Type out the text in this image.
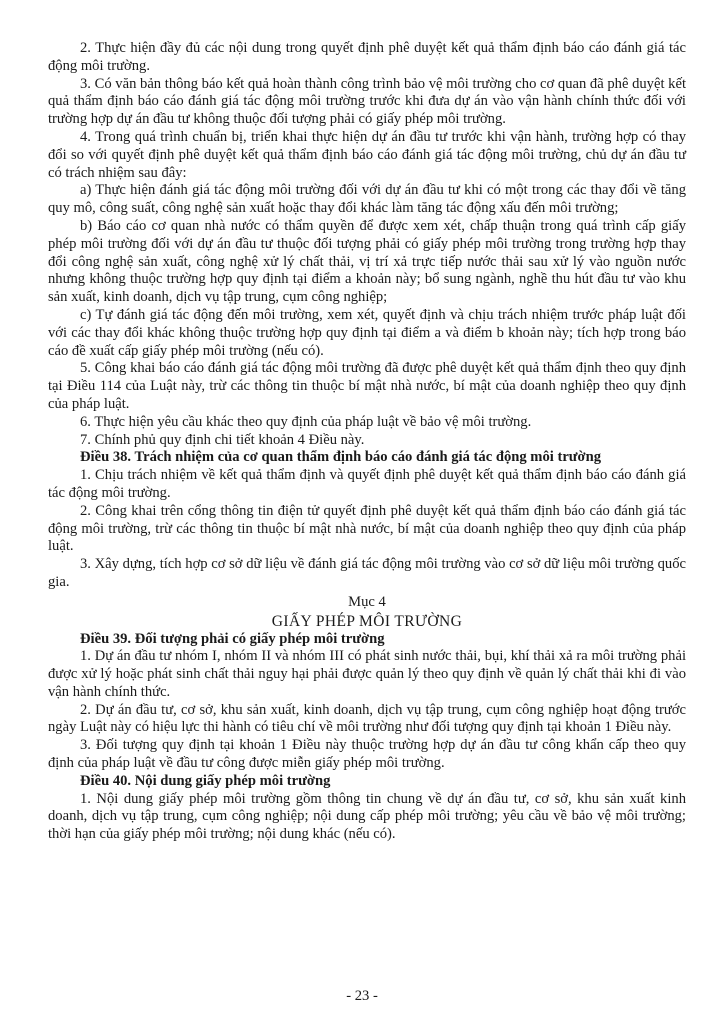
2. Thực hiện đầy đủ các nội dung trong quyết định phê duyệt kết quả thẩm định báo cáo đánh giá tác động môi trường.

3. Có văn bản thông báo kết quả hoàn thành công trình bảo vệ môi trường cho cơ quan đã phê duyệt kết quả thẩm định báo cáo đánh giá tác động môi trường trước khi đưa dự án vào vận hành chính thức đối với trường hợp dự án đầu tư không thuộc đối tượng phải có giấy phép môi trường.

4. Trong quá trình chuẩn bị, triển khai thực hiện dự án đầu tư trước khi vận hành, trường hợp có thay đổi so với quyết định phê duyệt kết quả thẩm định báo cáo đánh giá tác động môi trường, chủ dự án đầu tư có trách nhiệm sau đây:

a) Thực hiện đánh giá tác động môi trường đối với dự án đầu tư khi có một trong các thay đổi về tăng quy mô, công suất, công nghệ sản xuất hoặc thay đổi khác làm tăng tác động xấu đến môi trường;

b) Báo cáo cơ quan nhà nước có thẩm quyền để được xem xét, chấp thuận trong quá trình cấp giấy phép môi trường đối với dự án đầu tư thuộc đối tượng phải có giấy phép môi trường trong trường hợp thay đổi công nghệ sản xuất, công nghệ xử lý chất thải, vị trí xả trực tiếp nước thải sau xử lý vào nguồn nước nhưng không thuộc trường hợp quy định tại điểm a khoản này; bổ sung ngành, nghề thu hút đầu tư vào khu sản xuất, kinh doanh, dịch vụ tập trung, cụm công nghiệp;

c) Tự đánh giá tác động đến môi trường, xem xét, quyết định và chịu trách nhiệm trước pháp luật đối với các thay đổi khác không thuộc trường hợp quy định tại điểm a và điểm b khoản này; tích hợp trong báo cáo đề xuất cấp giấy phép môi trường (nếu có).

5. Công khai báo cáo đánh giá tác động môi trường đã được phê duyệt kết quả thẩm định theo quy định tại Điều 114 của Luật này, trừ các thông tin thuộc bí mật nhà nước, bí mật của doanh nghiệp theo quy định của pháp luật.

6. Thực hiện yêu cầu khác theo quy định của pháp luật về bảo vệ môi trường.

7. Chính phủ quy định chi tiết khoản 4 Điều này.

Điều 38. Trách nhiệm của cơ quan thẩm định báo cáo đánh giá tác động môi trường

1. Chịu trách nhiệm về kết quả thẩm định và quyết định phê duyệt kết quả thẩm định báo cáo đánh giá tác động môi trường.

2. Công khai trên cổng thông tin điện tử quyết định phê duyệt kết quả thẩm định báo cáo đánh giá tác động môi trường, trừ các thông tin thuộc bí mật nhà nước, bí mật của doanh nghiệp theo quy định của pháp luật.

3. Xây dựng, tích hợp cơ sở dữ liệu về đánh giá tác động môi trường vào cơ sở dữ liệu môi trường quốc gia.

Mục 4

GIẤY PHÉP MÔI TRƯỜNG

Điều 39. Đối tượng phải có giấy phép môi trường

1. Dự án đầu tư nhóm I, nhóm II và nhóm III có phát sinh nước thải, bụi, khí thải xả ra môi trường phải được xử lý hoặc phát sinh chất thải nguy hại phải được quản lý theo quy định về quản lý chất thải khi đi vào vận hành chính thức.

2. Dự án đầu tư, cơ sở, khu sản xuất, kinh doanh, dịch vụ tập trung, cụm công nghiệp hoạt động trước ngày Luật này có hiệu lực thi hành có tiêu chí về môi trường như đối tượng quy định tại khoản 1 Điều này.

3. Đối tượng quy định tại khoản 1 Điều này thuộc trường hợp dự án đầu tư công khẩn cấp theo quy định của pháp luật về đầu tư công được miễn giấy phép môi trường.

Điều 40. Nội dung giấy phép môi trường

1. Nội dung giấy phép môi trường gồm thông tin chung về dự án đầu tư, cơ sở, khu sản xuất kinh doanh, dịch vụ tập trung, cụm công nghiệp; nội dung cấp phép môi trường; yêu cầu về bảo vệ môi trường; thời hạn của giấy phép môi trường; nội dung khác (nếu có).

- 23 -
